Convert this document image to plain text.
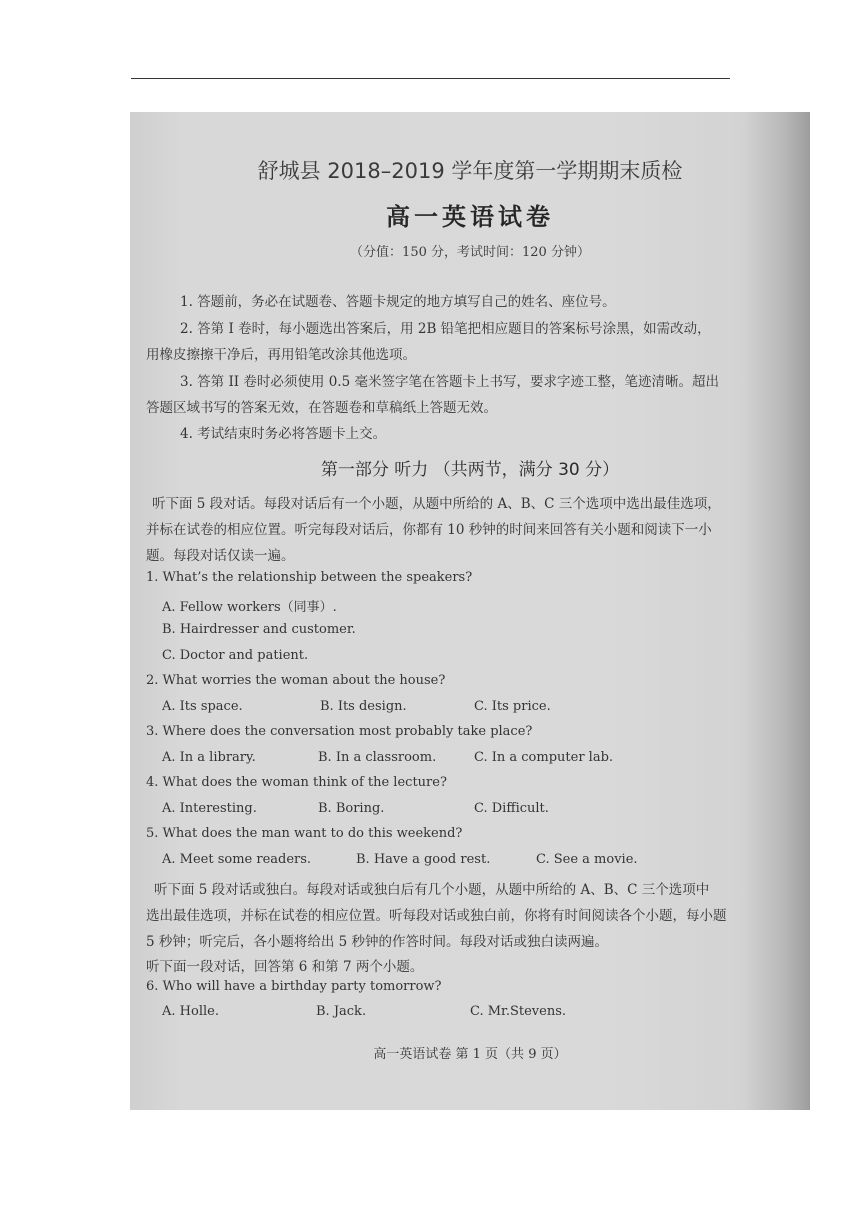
舒城县 2018–2019 学年度第一学期期末质检
高一英语试卷
（分值：150 分，考试时间：120 分钟）
1. 答题前，务必在试题卷、答题卡规定的地方填写自己的姓名、座位号。
2. 答第 I 卷时，每小题选出答案后，用 2B 铅笔把相应题目的答案标号涂黑，如需改动，
用橡皮擦擦干净后，再用铅笔改涂其他选项。
3. 答第 II 卷时必须使用 0.5 毫米签字笔在答题卡上书写，要求字迹工整，笔迹清晰。超出
答题区域书写的答案无效，在答题卷和草稿纸上答题无效。
4. 考试结束时务必将答题卡上交。
第一部分 听力 （共两节，满分 30 分）
听下面 5 段对话。每段对话后有一个小题，从题中所给的 A、B、C 三个选项中选出最佳选项，
并标在试卷的相应位置。听完每段对话后，你都有 10 秒钟的时间来回答有关小题和阅读下一小
题。每段对话仅读一遍。
1. What’s the relationship between the speakers?
A. Fellow workers（同事）.
B. Hairdresser and customer.
C. Doctor and patient.
2. What worries the woman about the house?
A. Its space.	B. Its design.	C. Its price.
3. Where does the conversation most probably take place?
A. In a library.	B. In a classroom.	C. In a computer lab.
4. What does the woman think of the lecture?
A. Interesting.	B. Boring.	C. Difficult.
5. What does the man want to do this weekend?
A. Meet some readers.	B. Have a good rest.	C. See a movie.
听下面 5 段对话或独白。每段对话或独白后有几个小题，从题中所给的 A、B、C 三个选项中
选出最佳选项，并标在试卷的相应位置。听每段对话或独白前，你将有时间阅读各个小题，每小题
5 秒钟；听完后，各小题将给出 5 秒钟的作答时间。每段对话或独白读两遍。
听下面一段对话，回答第 6 和第 7 两个小题。
6. Who will have a birthday party tomorrow?
A. Holle.	B. Jack.	C. Mr.Stevens.
高一英语试卷 第 1 页（共 9 页）
